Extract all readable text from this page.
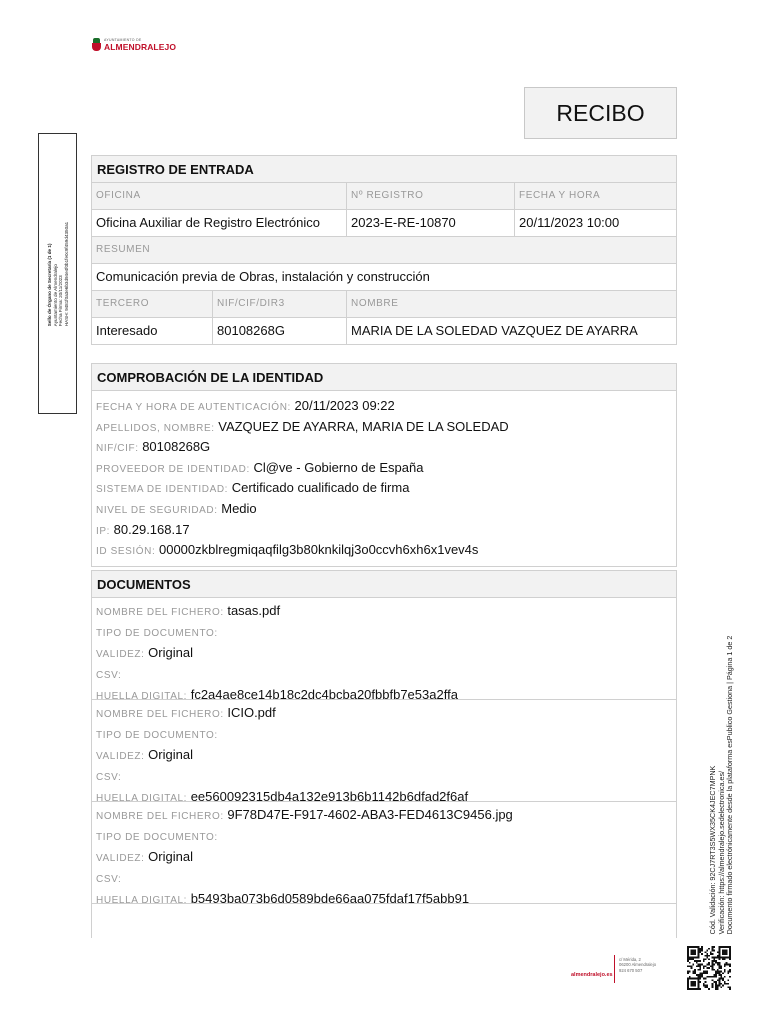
AYUNTAMIENTO DE
ALMENDRALEJO
RECIBO
Sello de Órgano de Secretaría (1 de 1)
Ayuntamiento de Almendralejo
Fecha Firma: 20/11/2023
HASH: 9481f0a3e6b3d94e4f0b1fe0c9f459d4350a1
REGISTRO DE ENTRADA
OFICINA	Nº REGISTRO	FECHA Y HORA
Oficina Auxiliar de Registro Electrónico	2023-E-RE-10870	20/11/2023 10:00
RESUMEN
Comunicación previa de Obras, instalación y construcción
TERCERO	NIF/CIF/DIR3	NOMBRE
Interesado	80108268G	MARIA DE LA SOLEDAD VAZQUEZ DE AYARRA
COMPROBACIÓN DE LA IDENTIDAD
FECHA Y HORA DE AUTENTICACIÓN: 20/11/2023 09:22
APELLIDOS, NOMBRE: VAZQUEZ DE AYARRA, MARIA DE LA SOLEDAD
NIF/CIF: 80108268G
PROVEEDOR DE IDENTIDAD: Cl@ve - Gobierno de España
SISTEMA DE IDENTIDAD: Certificado cualificado de firma
NIVEL DE SEGURIDAD: Medio
IP: 80.29.168.17
ID SESIÓN: 00000zkblregmiqaqfilg3b80knkilqj3o0ccvh6xh6x1vev4s
DOCUMENTOS
NOMBRE DEL FICHERO: tasas.pdf
TIPO DE DOCUMENTO:
VALIDEZ: Original
CSV:
HUELLA DIGITAL: fc2a4ae8ce14b18c2dc4bcba20fbbfb7e53a2ffa
NOMBRE DEL FICHERO: ICIO.pdf
TIPO DE DOCUMENTO:
VALIDEZ: Original
CSV:
HUELLA DIGITAL: ee560092315db4a132e913b6b1142b6dfad2f6af
NOMBRE DEL FICHERO: 9F78D47E-F917-4602-ABA3-FED4613C9456.jpg
TIPO DE DOCUMENTO:
VALIDEZ: Original
CSV:
HUELLA DIGITAL: b5493ba073b6d0589bde66aa075fdaf17f5abb91
almendralejo.es
c/ Mérida, 2
06200 Almendralejo
924 670 507
Cód. Validación: 92CJ7RT3S5WX35CK4JEC7MPNK
Verificación: https://almendralejo.sedelectronica.es/
Documento firmado electrónicamente desde la plataforma esPublico Gestiona | Página 1 de 2
